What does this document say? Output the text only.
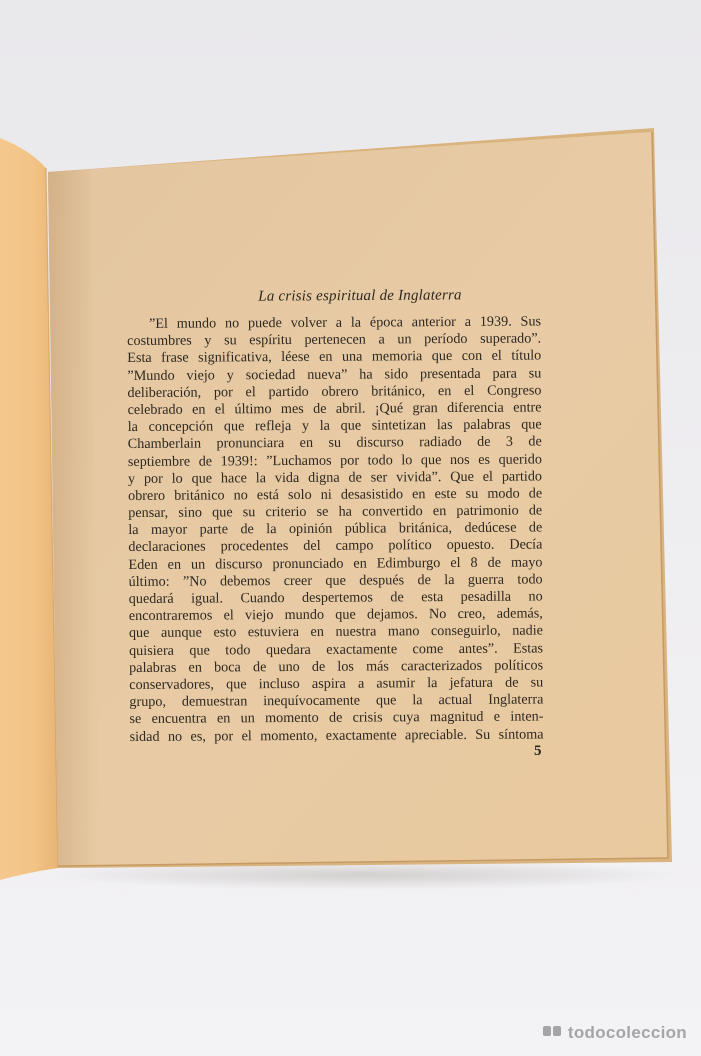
La crisis espiritual de Inglaterra
”El mundo no puede volver a la época anterior a 1939. Sus
costumbres y su espíritu pertenecen a un período superado”.
Esta frase significativa, léese en una memoria que con el título
”Mundo viejo y sociedad nueva” ha sido presentada para su
deliberación, por el partido obrero británico, en el Congreso
celebrado en el último mes de abril. ¡Qué gran diferencia entre
la concepción que refleja y la que sintetizan las palabras que
Chamberlain pronunciara en su discurso radiado de 3 de
septiembre de 1939!: ”Luchamos por todo lo que nos es querido
y por lo que hace la vida digna de ser vivida”. Que el partido
obrero británico no está solo ni desasistido en este su modo de
pensar, sino que su criterio se ha convertido en patrimonio de
la mayor parte de la opinión pública británica, dedúcese de
declaraciones procedentes del campo político opuesto. Decía
Eden en un discurso pronunciado en Edimburgo el 8 de mayo
último: ”No debemos creer que después de la guerra todo
quedará igual. Cuando despertemos de esta pesadilla no
encontraremos el viejo mundo que dejamos. No creo, además,
que aunque esto estuviera en nuestra mano conseguirlo, nadie
quisiera que todo quedara exactamente come antes”. Estas
palabras en boca de uno de los más caracterizados políticos
conservadores, que incluso aspira a asumir la jefatura de su
grupo, demuestran inequívocamente que la actual Inglaterra
se encuentra en un momento de crisis cuya magnitud e inten-
sidad no es, por el momento, exactamente apreciable. Su síntoma
5
todocoleccion
